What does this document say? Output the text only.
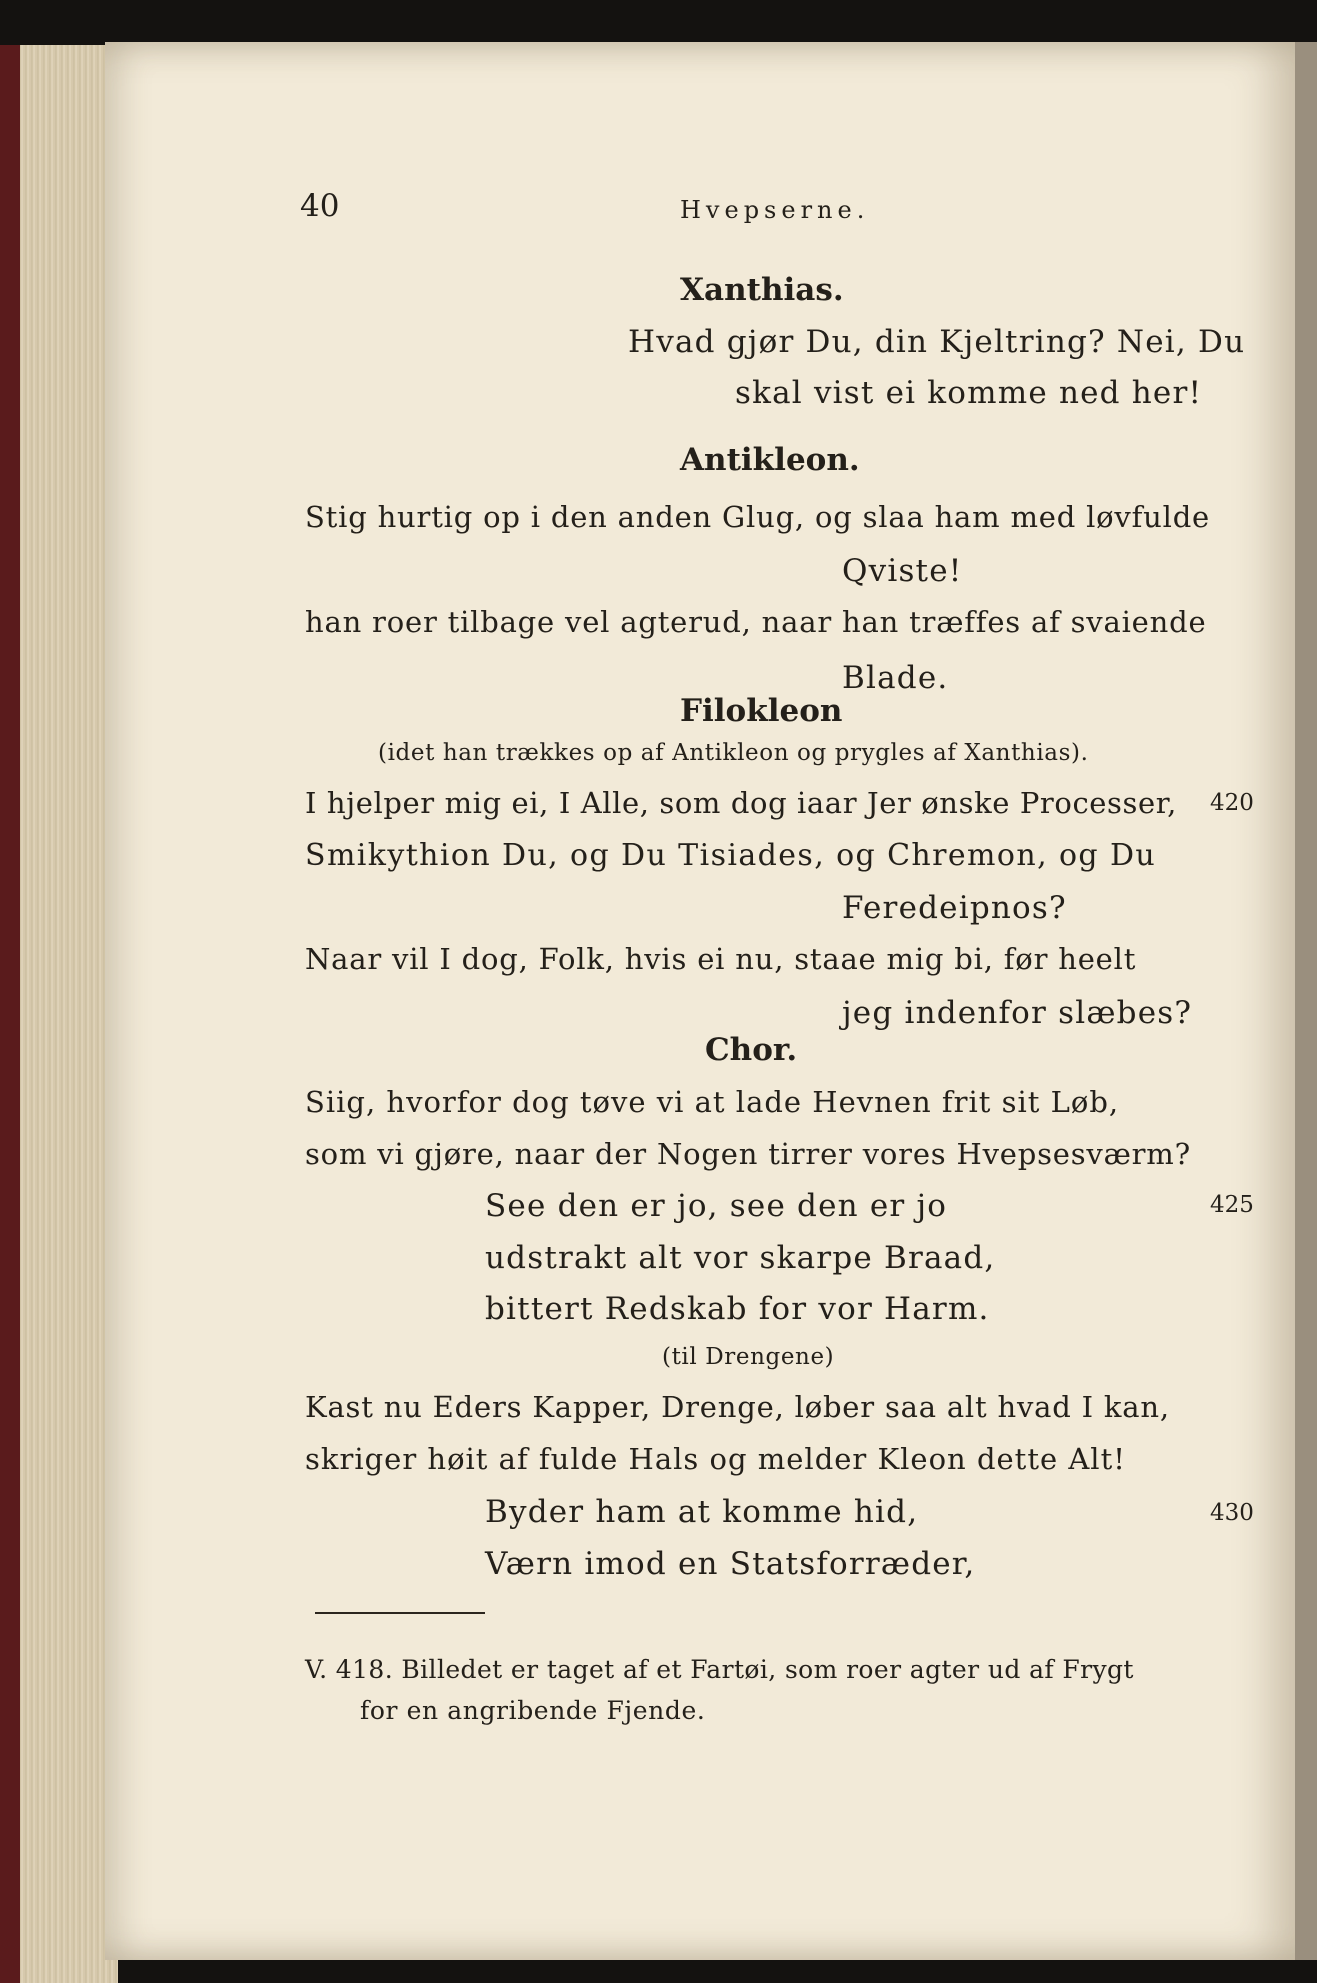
40	Hvepserne.
Xanthias.
Hvad gjør Du, din Kjeltring? Nei, Du
skal vist ei komme ned her!
Antikleon.
Stig hurtig op i den anden Glug, og slaa ham med løvfulde
Qviste!
han roer tilbage vel agterud, naar han træffes af svaiende
Blade.
Filokleon
(idet han trækkes op af Antikleon og prygles af Xanthias).
I hjelper mig ei, I Alle, som dog iaar Jer ønske Processer, 420
Smikythion Du, og Du Tisiades, og Chremon, og Du
Feredeipnos?
Naar vil I dog, Folk, hvis ei nu, staae mig bi, før heelt
jeg indenfor slæbes?
Chor.
Siig, hvorfor dog tøve vi at lade Hevnen frit sit Løb,
som vi gjøre, naar der Nogen tirrer vores Hvepsesværm?
See den er jo, see den er jo	425
udstrakt alt vor skarpe Braad,
bittert Redskab for vor Harm.
(til Drengene)
Kast nu Eders Kapper, Drenge, løber saa alt hvad I kan,
skriger høit af fulde Hals og melder Kleon dette Alt!
Byder ham at komme hid,	430
Værn imod en Statsforræder,
V. 418. Billedet er taget af et Fartøi, som roer agter ud af Frygt
for en angribende Fjende.
